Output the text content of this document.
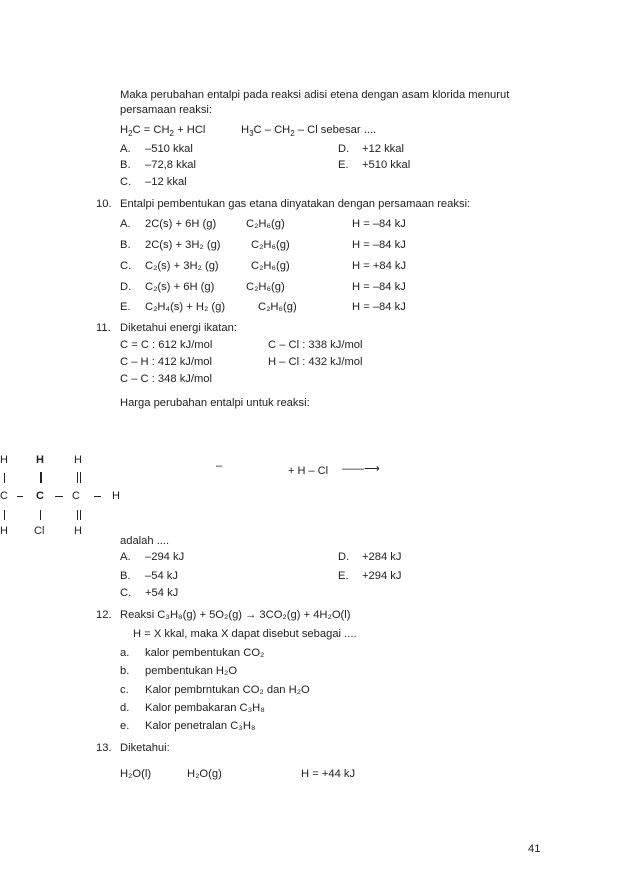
Maka perubahan entalpi pada reaksi adisi etena dengan asam klorida menurut
persamaan reaksi:
$H_2C = CH_2$ + HCl	$H_3C - CH_2$ – Cl sebesar ....
A. –510 kkal	D. +12 kkal
B. –72,8 kkal	E. +510 kkal
C. –12 kkal
10. Entalpi pembentukan gas etana dinyatakan dengan persamaan reaksi:
A. 2C(s) + 6H (g)	C₂H₆(g)	H = –84 kJ
B. 2C(s) + 3H₂ (g)	C₂H₆(g)	H = –84 kJ
C. C₂(s) + 3H₂ (g)	C₂H₆(g)	H = +84 kJ
D. C₂(s) + 6H (g)	C₂H₆(g)	H = –84 kJ
E. C₂H₄(s) + H₂ (g)	C₂H₆(g)	H = –84 kJ
11. Diketahui energi ikatan:
C = C : 612 kJ/mol	C – Cl : 338 kJ/mol
C – H : 412 kJ/mol	H – Cl : 432 kJ/mol
C – C : 348 kJ/mol
Harga perubahan entalpi untuk reaksi:
H	H	H
C	C	C	H
H Cl	H
–	+ H – Cl ——⟶
adalah ....
A. –294 kJ	D. +284 kJ
B. –54 kJ	E. +294 kJ
C. +54 kJ
12. Reaksi C₃H₈(g) + 5O₂(g) → 3CO₂(g) + 4H₂O(l)
H = X kkal, maka X dapat disebut sebagai ....
a. kalor pembentukan CO₂
b. pembentukan H₂O
c. Kalor pembrntukan CO₂ dan H₂O
d. Kalor pembakaran C₃H₈
e. Kalor penetralan C₃H₈
13. Diketahui:
H₂O(l)	H₂O(g)	H = +44 kJ
41
